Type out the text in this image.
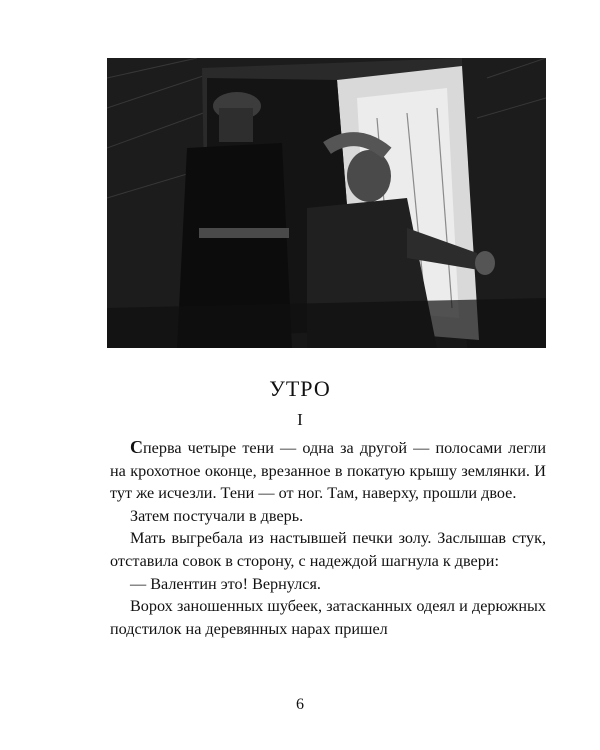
УТРО
I

Сперва четыре тени — одна за другой — полосами легли на крохотное оконце, врезанное в покатую крышу землянки. И тут же исчезли. Тени — от ног. Там, наверху, прошли двое.

Затем постучали в дверь.

Мать выгребала из настывшей печки золу. Заслышав стук, отставила совок в сторону, с надеждой шагнула к двери:

— Валентин это! Вернулся.

Ворох заношенных шубеек, затасканных одеял и дерюжных подстилок на деревянных нарах пришел

6
